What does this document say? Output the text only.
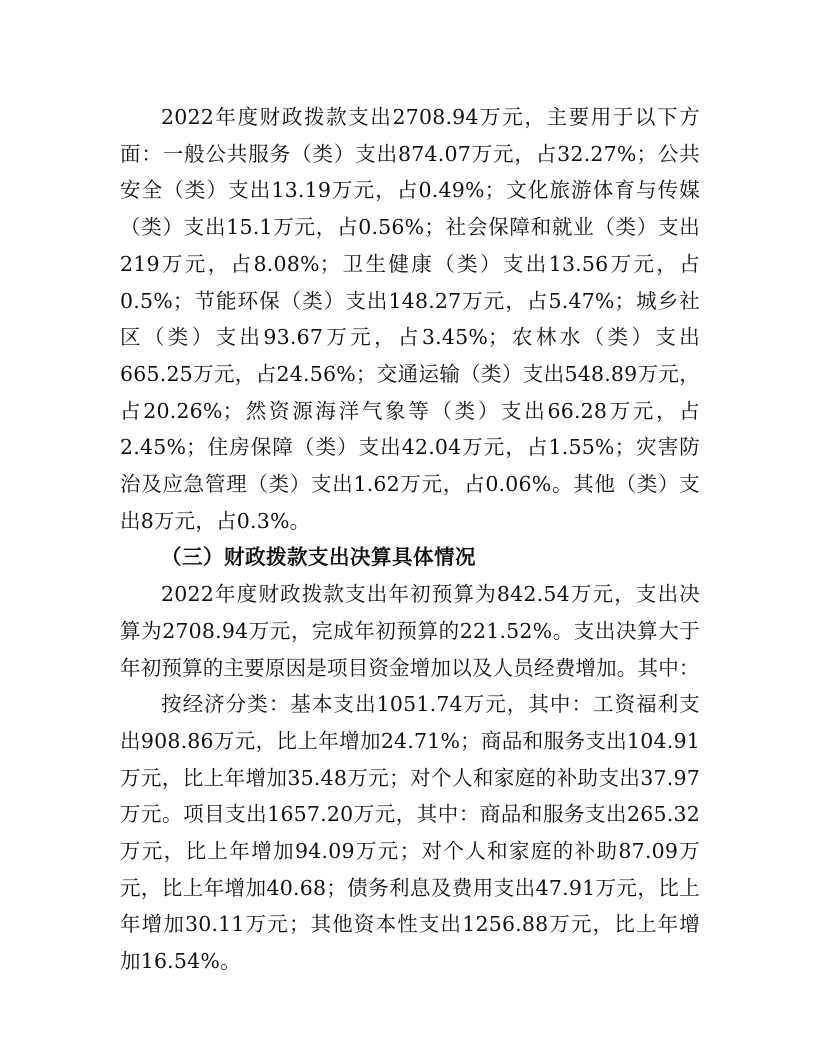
2022年度财政拨款支出2708.94万元，主要用于以下方面：一般公共服务（类）支出874.07万元，占32.27%；公共安全（类）支出13.19万元，占0.49%；文化旅游体育与传媒（类）支出15.1万元，占0.56%；社会保障和就业（类）支出219万元，占8.08%；卫生健康（类）支出13.56万元，占0.5%；节能环保（类）支出148.27万元，占5.47%；城乡社区（类）支出93.67万元，占3.45%；农林水（类）支出665.25万元，占24.56%；交通运输（类）支出548.89万元，占20.26%；然资源海洋气象等（类）支出66.28万元，占2.45%；住房保障（类）支出42.04万元，占1.55%；灾害防治及应急管理（类）支出1.62万元，占0.06%。其他（类）支出8万元，占0.3%。

（三）财政拨款支出决算具体情况

2022年度财政拨款支出年初预算为842.54万元，支出决算为2708.94万元，完成年初预算的221.52%。支出决算大于年初预算的主要原因是项目资金增加以及人员经费增加。其中：

按经济分类：基本支出1051.74万元，其中：工资福利支出908.86万元，比上年增加24.71%；商品和服务支出104.91万元，比上年增加35.48万元；对个人和家庭的补助支出37.97万元。项目支出1657.20万元，其中：商品和服务支出265.32万元，比上年增加94.09万元；对个人和家庭的补助87.09万元，比上年增加40.68；债务利息及费用支出47.91万元，比上年增加30.11万元；其他资本性支出1256.88万元，比上年增加16.54%。
